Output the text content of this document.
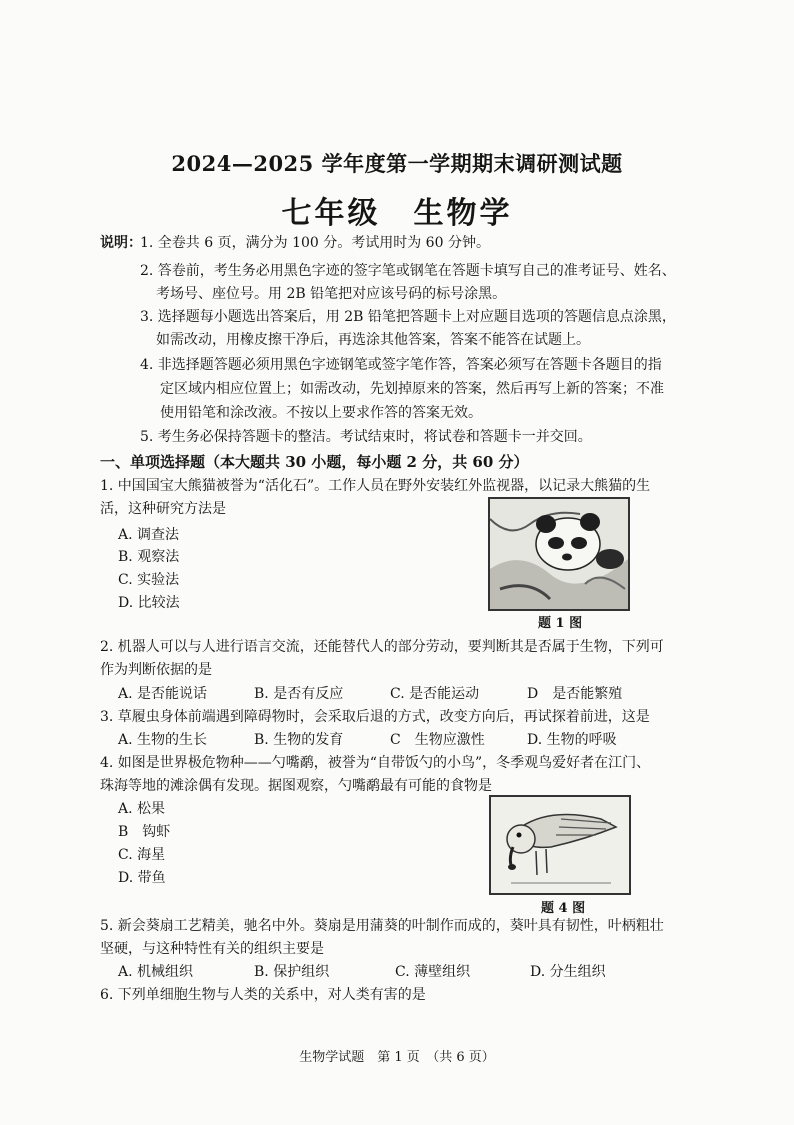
2024—2025 学年度第一学期期末调研测试题
七年级　生物学
说明：
1. 全卷共 6 页，满分为 100 分。考试用时为 60 分钟。
2. 答卷前，考生务必用黑色字迹的签字笔或钢笔在答题卡填写自己的准考证号、姓名、
考场号、座位号。用 2B 铅笔把对应该号码的标号涂黑。
3. 选择题每小题选出答案后，用 2B 铅笔把答题卡上对应题目选项的答题信息点涂黑，
如需改动，用橡皮擦干净后，再选涂其他答案，答案不能答在试题上。
4. 非选择题答题必须用黑色字迹钢笔或签字笔作答，答案必须写在答题卡各题目的指
定区域内相应位置上；如需改动，先划掉原来的答案，然后再写上新的答案；不准
使用铅笔和涂改液。不按以上要求作答的答案无效。
5. 考生务必保持答题卡的整洁。考试结束时，将试卷和答题卡一并交回。
一、单项选择题（本大题共 30 小题，每小题 2 分，共 60 分）
1. 中国国宝大熊猫被誉为“活化石”。工作人员在野外安装红外监视器，以记录大熊猫的生
活，这种研究方法是
A. 调查法
B. 观察法
C. 实验法
D. 比较法
题 1 图
2. 机器人可以与人进行语言交流，还能替代人的部分劳动，要判断其是否属于生物，下列可
作为判断依据的是
A. 是否能说话	B. 是否有反应	C. 是否能运动	D　是否能繁殖
3. 草履虫身体前端遇到障碍物时，会采取后退的方式，改变方向后，再试探着前进，这是
A. 生物的生长	B. 生物的发育	C　生物应激性	D. 生物的呼吸
4. 如图是世界极危物种——勺嘴鹬，被誉为“自带饭勺的小鸟”，冬季观鸟爱好者在江门、
珠海等地的滩涂偶有发现。据图观察，勺嘴鹬最有可能的食物是
A. 松果
B　钩虾
C. 海星
D. 带鱼
题 4 图
5. 新会葵扇工艺精美，驰名中外。葵扇是用蒲葵的叶制作而成的，葵叶具有韧性，叶柄粗壮
坚硬，与这种特性有关的组织主要是
A. 机械组织	B. 保护组织	C. 薄壁组织	D. 分生组织
6. 下列单细胞生物与人类的关系中，对人类有害的是
生物学试题　第 1 页　（共 6 页）
